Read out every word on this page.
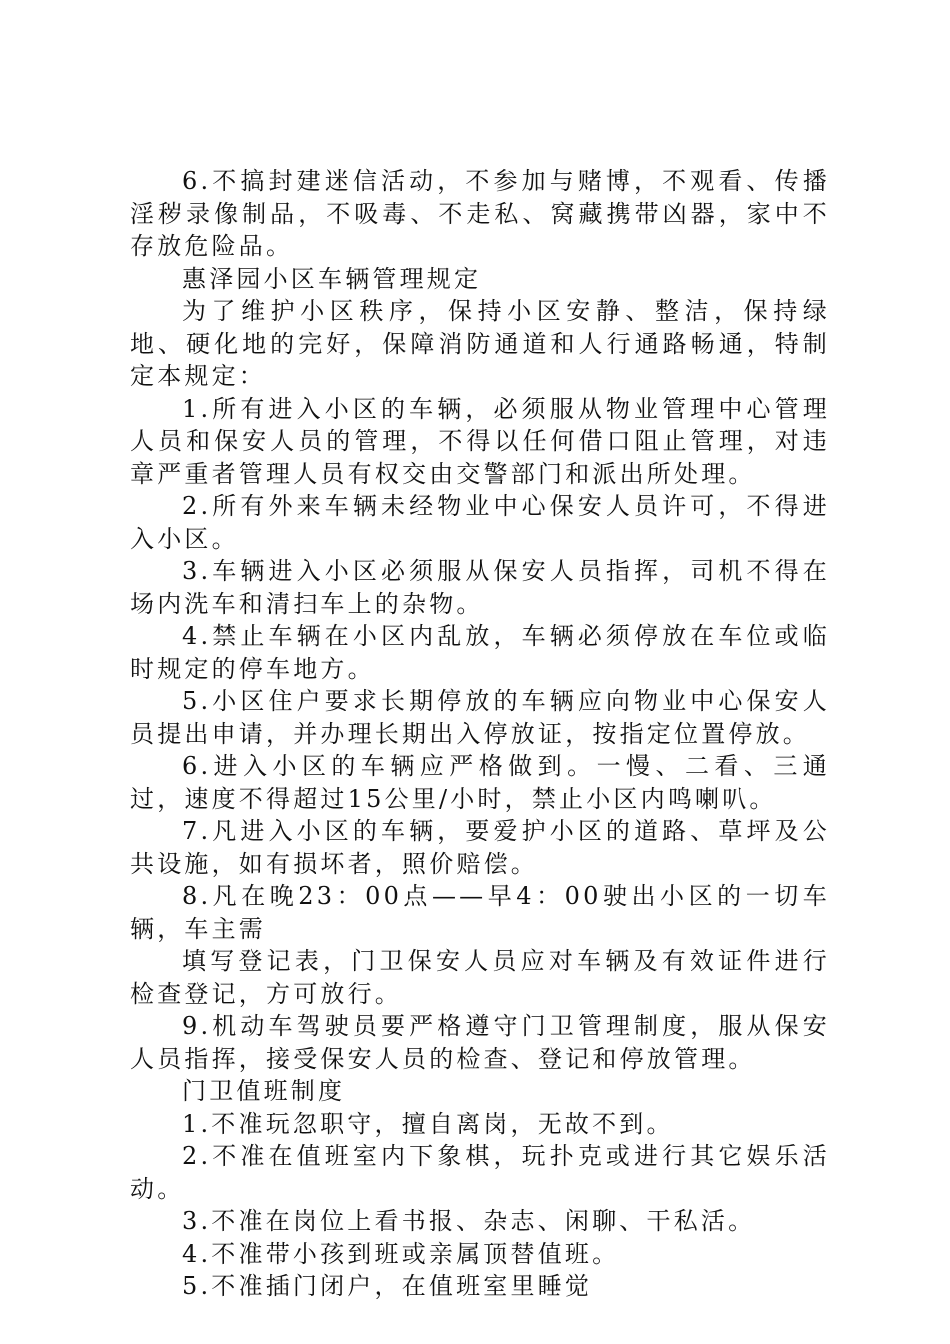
6.不搞封建迷信活动，不参加与赌博，不观看、传播淫秽录像制品，不吸毒、不走私、窝藏携带凶器，家中不存放危险品。

惠泽园小区车辆管理规定

为了维护小区秩序，保持小区安静、整洁，保持绿地、硬化地的完好，保障消防通道和人行通路畅通，特制定本规定：

1.所有进入小区的车辆，必须服从物业管理中心管理人员和保安人员的管理，不得以任何借口阻止管理，对违章严重者管理人员有权交由交警部门和派出所处理。

2.所有外来车辆未经物业中心保安人员许可，不得进入小区。

3.车辆进入小区必须服从保安人员指挥，司机不得在场内洗车和清扫车上的杂物。

4.禁止车辆在小区内乱放，车辆必须停放在车位或临时规定的停车地方。

5.小区住户要求长期停放的车辆应向物业中心保安人员提出申请，并办理长期出入停放证，按指定位置停放。

6.进入小区的车辆应严格做到。一慢、二看、三通过，速度不得超过15公里/小时，禁止小区内鸣喇叭。

7.凡进入小区的车辆，要爱护小区的道路、草坪及公共设施，如有损坏者，照价赔偿。

8.凡在晚23：00点——早4：00驶出小区的一切车辆，车主需

填写登记表，门卫保安人员应对车辆及有效证件进行检查登记，方可放行。

9.机动车驾驶员要严格遵守门卫管理制度，服从保安人员指挥，接受保安人员的检查、登记和停放管理。

门卫值班制度

1.不准玩忽职守，擅自离岗，无故不到。

2.不准在值班室内下象棋，玩扑克或进行其它娱乐活动。

3.不准在岗位上看书报、杂志、闲聊、干私活。

4.不准带小孩到班或亲属顶替值班。

5.不准插门闭户，在值班室里睡觉
